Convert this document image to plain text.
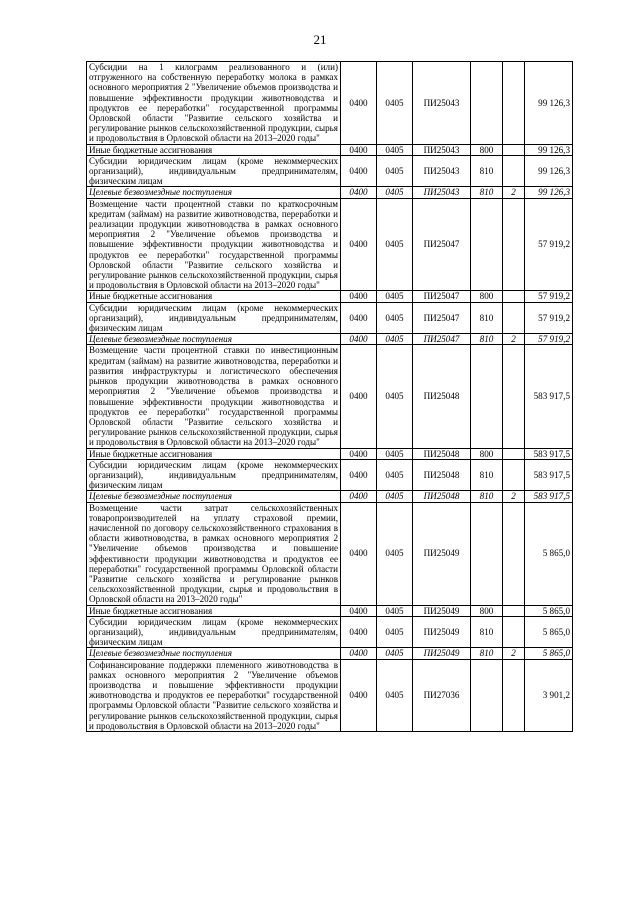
21
Субсидии на 1 килограмм реализованного и (или) отгруженного на собственную переработку молока в рамках основного мероприятия 2 "Увеличение объемов производства и повышение эффективности продукции животноводства и продуктов ее переработки" государственной программы Орловской области "Развитие сельского хозяйства и регулирование рынков сельскохозяйственной продукции, сырья и продовольствия в Орловской области на 2013–2020 годы"	0400	0405	ПИ25043			99 126,3
Иные бюджетные ассигнования	0400	0405	ПИ25043	800		99 126,3
Субсидии юридическим лицам (кроме некоммерческих организаций), индивидуальным предпринимателям, физическим лицам	0400	0405	ПИ25043	810		99 126,3
Целевые безвозмездные поступления	0400	0405	ПИ25043	810	2	99 126,3
Возмещение части процентной ставки по краткосрочным кредитам (займам) на развитие животноводства, переработки и реализации продукции животноводства в рамках основного мероприятия 2 "Увеличение объемов производства и повышение эффективности продукции животноводства и продуктов ее переработки" государственной программы Орловской области "Развитие сельского хозяйства и регулирование рынков сельскохозяйственной продукции, сырья и продовольствия в Орловской области на 2013–2020 годы"	0400	0405	ПИ25047			57 919,2
Иные бюджетные ассигнования	0400	0405	ПИ25047	800		57 919,2
Субсидии юридическим лицам (кроме некоммерческих организаций), индивидуальным предпринимателям, физическим лицам	0400	0405	ПИ25047	810		57 919,2
Целевые безвозмездные поступления	0400	0405	ПИ25047	810	2	57 919,2
Возмещение части процентной ставки по инвестиционным кредитам (займам) на развитие животноводства, переработки и развития инфраструктуры и логистического обеспечения рынков продукции животноводства в рамках основного мероприятия 2 "Увеличение объемов производства и повышение эффективности продукции животноводства и продуктов ее переработки" государственной программы Орловской области "Развитие сельского хозяйства и регулирование рынков сельскохозяйственной продукции, сырья и продовольствия в Орловской области на 2013–2020 годы"	0400	0405	ПИ25048			583 917,5
Иные бюджетные ассигнования	0400	0405	ПИ25048	800		583 917,5
Субсидии юридическим лицам (кроме некоммерческих организаций), индивидуальным предпринимателям, физическим лицам	0400	0405	ПИ25048	810		583 917,5
Целевые безвозмездные поступления	0400	0405	ПИ25048	810	2	583 917,5
Возмещение части затрат сельскохозяйственных товаропроизводителей на уплату страховой премии, начисленной по договору сельскохозяйственного страхования в области животноводства, в рамках основного мероприятия 2 "Увеличение объемов производства и повышение эффективности продукции животноводства и продуктов ее переработки" государственной программы Орловской области "Развитие сельского хозяйства и регулирование рынков сельскохозяйственной продукции, сырья и продовольствия в Орловской области на 2013–2020 годы"	0400	0405	ПИ25049			5 865,0
Иные бюджетные ассигнования	0400	0405	ПИ25049	800		5 865,0
Субсидии юридическим лицам (кроме некоммерческих организаций), индивидуальным предпринимателям, физическим лицам	0400	0405	ПИ25049	810		5 865,0
Целевые безвозмездные поступления	0400	0405	ПИ25049	810	2	5 865,0
Софинансирование поддержки племенного животноводства в рамках основного мероприятия 2 "Увеличение объемов производства и повышение эффективности продукции животноводства и продуктов ее переработки" государственной программы Орловской области "Развитие сельского хозяйства и регулирование рынков сельскохозяйственной продукции, сырья и продовольствия в Орловской области на 2013–2020 годы"	0400	0405	ПИ27036			3 901,2
